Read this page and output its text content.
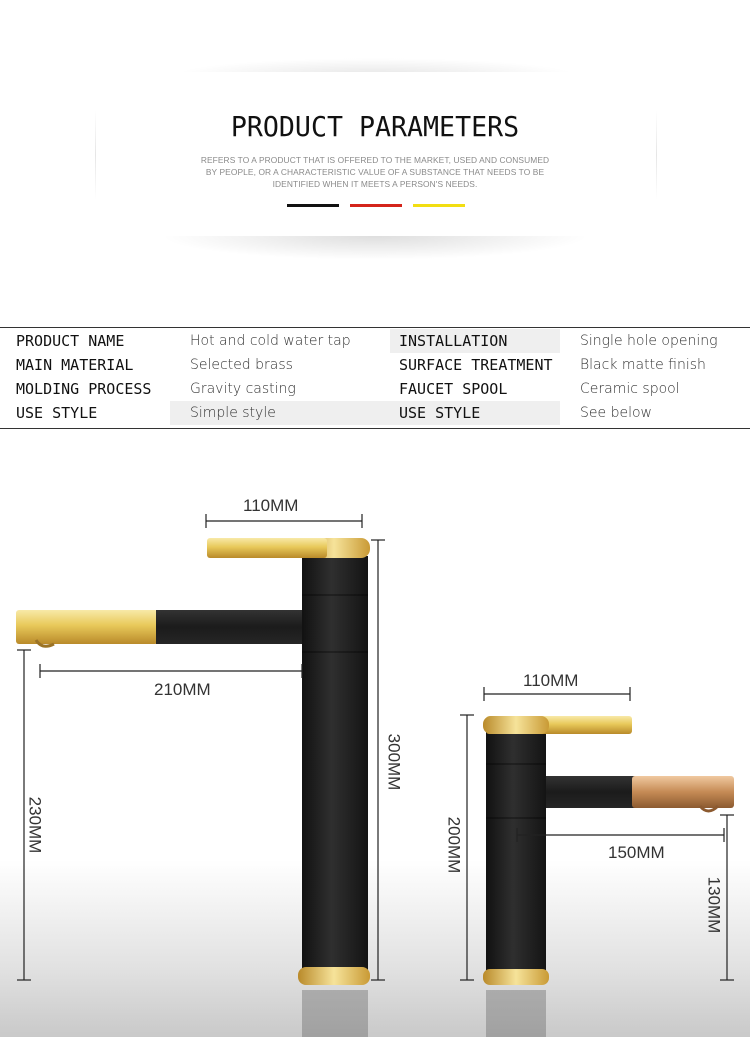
PRODUCT PARAMETERS
REFERS TO A PRODUCT THAT IS OFFERED TO THE MARKET, USED AND CONSUMED BY PEOPLE, OR A CHARACTERISTIC VALUE OF A SUBSTANCE THAT NEEDS TO BE IDENTIFIED WHEN IT MEETS A PERSON'S NEEDS.
PRODUCT NAME	Hot and cold water tap	INSTALLATION	Single hole opening
MAIN MATERIAL	Selected brass	SURFACE TREATMENT	Black matte finish
MOLDING PROCESS	Gravity casting	FAUCET SPOOL	Ceramic spool
USE STYLE	Simple style	USE STYLE	See below
110MM
210MM
230MM
300MM
110MM
150MM
200MM
130MM
